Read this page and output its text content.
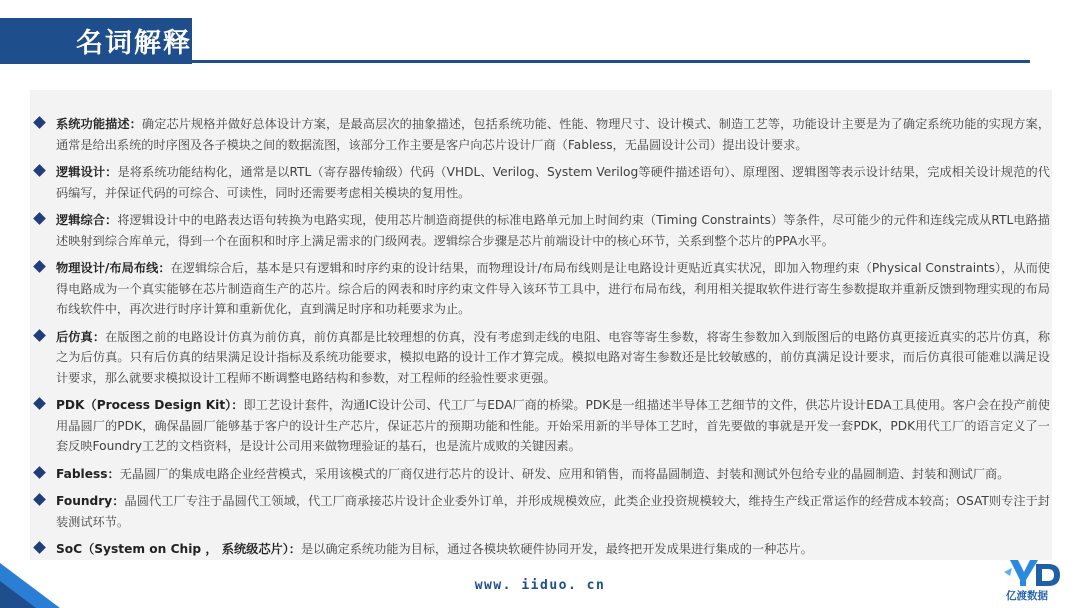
名词解释
系统功能描述：确定芯片规格并做好总体设计方案，是最高层次的抽象描述，包括系统功能、性能、物理尺寸、设计模式、制造工艺等，功能设计主要是为了确定系统功能的实现方案，通常是给出系统的时序图及各子模块之间的数据流图，该部分工作主要是客户向芯片设计厂商（Fabless，无晶圆设计公司）提出设计要求。
逻辑设计：是将系统功能结构化，通常是以RTL（寄存器传输级）代码（VHDL、Verilog、System Verilog等硬件描述语句）、原理图、逻辑图等表示设计结果，完成相关设计规范的代码编写，并保证代码的可综合、可读性，同时还需要考虑相关模块的复用性。
逻辑综合：将逻辑设计中的电路表达语句转换为电路实现，使用芯片制造商提供的标准电路单元加上时间约束（Timing Constraints）等条件，尽可能少的元件和连线完成从RTL电路描述映射到综合库单元，得到一个在面积和时序上满足需求的门级网表。逻辑综合步骤是芯片前端设计中的核心环节，关系到整个芯片的PPA水平。
物理设计/布局布线：在逻辑综合后，基本是只有逻辑和时序约束的设计结果，而物理设计/布局布线则是让电路设计更贴近真实状况，即加入物理约束（Physical Constraints），从而使得电路成为一个真实能够在芯片制造商生产的芯片。综合后的网表和时序约束文件导入该环节工具中，进行布局布线，利用相关提取软件进行寄生参数提取并重新反馈到物理实现的布局布线软件中，再次进行时序计算和重新优化，直到满足时序和功耗要求为止。
后仿真：在版图之前的电路设计仿真为前仿真，前仿真都是比较理想的仿真，没有考虑到走线的电阻、电容等寄生参数，将寄生参数加入到版图后的电路仿真更接近真实的芯片仿真，称之为后仿真。只有后仿真的结果满足设计指标及系统功能要求，模拟电路的设计工作才算完成。模拟电路对寄生参数还是比较敏感的，前仿真满足设计要求，而后仿真很可能难以满足设计要求，那么就要求模拟设计工程师不断调整电路结构和参数，对工程师的经验性要求更强。
PDK（Process Design Kit）：即工艺设计套件，沟通IC设计公司、代工厂与EDA厂商的桥梁。PDK是一组描述半导体工艺细节的文件，供芯片设计EDA工具使用。客户会在投产前使用晶圆厂的PDK，确保晶圆厂能够基于客户的设计生产芯片，保证芯片的预期功能和性能。开始采用新的半导体工艺时，首先要做的事就是开发一套PDK，PDK用代工厂的语言定义了一套反映Foundry工艺的文档资料，是设计公司用来做物理验证的基石，也是流片成败的关键因素。
Fabless：无晶圆厂的集成电路企业经营模式，采用该模式的厂商仅进行芯片的设计、研发、应用和销售，而将晶圆制造、封装和测试外包给专业的晶圆制造、封装和测试厂商。
Foundry：晶圆代工厂专注于晶圆代工领域，代工厂商承接芯片设计企业委外订单，并形成规模效应，此类企业投资规模较大，维持生产线正常运作的经营成本较高；OSAT则专注于封装测试环节。
SoC（System on Chip ， 系统级芯片）：是以确定系统功能为目标，通过各模块软硬件协同开发，最终把开发成果进行集成的一种芯片。
www. iiduo. cn
亿渡数据
